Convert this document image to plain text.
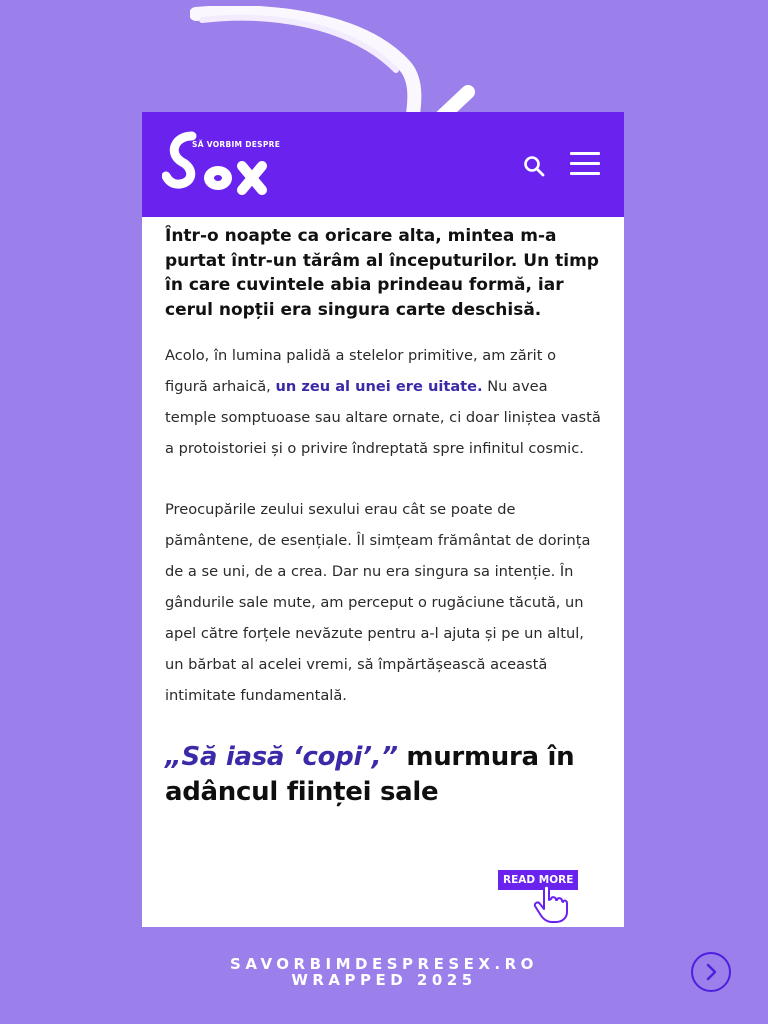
SĂ VORBIM DESPRE

Într-o noapte ca oricare alta, mintea m-a purtat într-un tărâm al începuturilor. Un timp în care cuvintele abia prindeau formă, iar cerul nopții era singura carte deschisă.

Acolo, în lumina palidă a stelelor primitive, am zărit o figură arhaică, un zeu al unei ere uitate. Nu avea temple somptuoase sau altare ornate, ci doar liniștea vastă a protoistoriei și o privire îndreptată spre infinitul cosmic.

Preocupările zeului sexului erau cât se poate de pământene, de esențiale. Îl simțeam frământat de dorința de a se uni, de a crea. Dar nu era singura sa intenție. În gândurile sale mute, am perceput o rugăciune tăcută, un apel către forțele nevăzute pentru a-l ajuta și pe un altul, un bărbat al acelei vremi, să împărtășească această intimitate fundamentală.

„Să iasă ‘copi’,” murmura în adâncul ființei sale

READ MORE
SAVORBIMDESPRESEX.RO
WRAPPED 2025
